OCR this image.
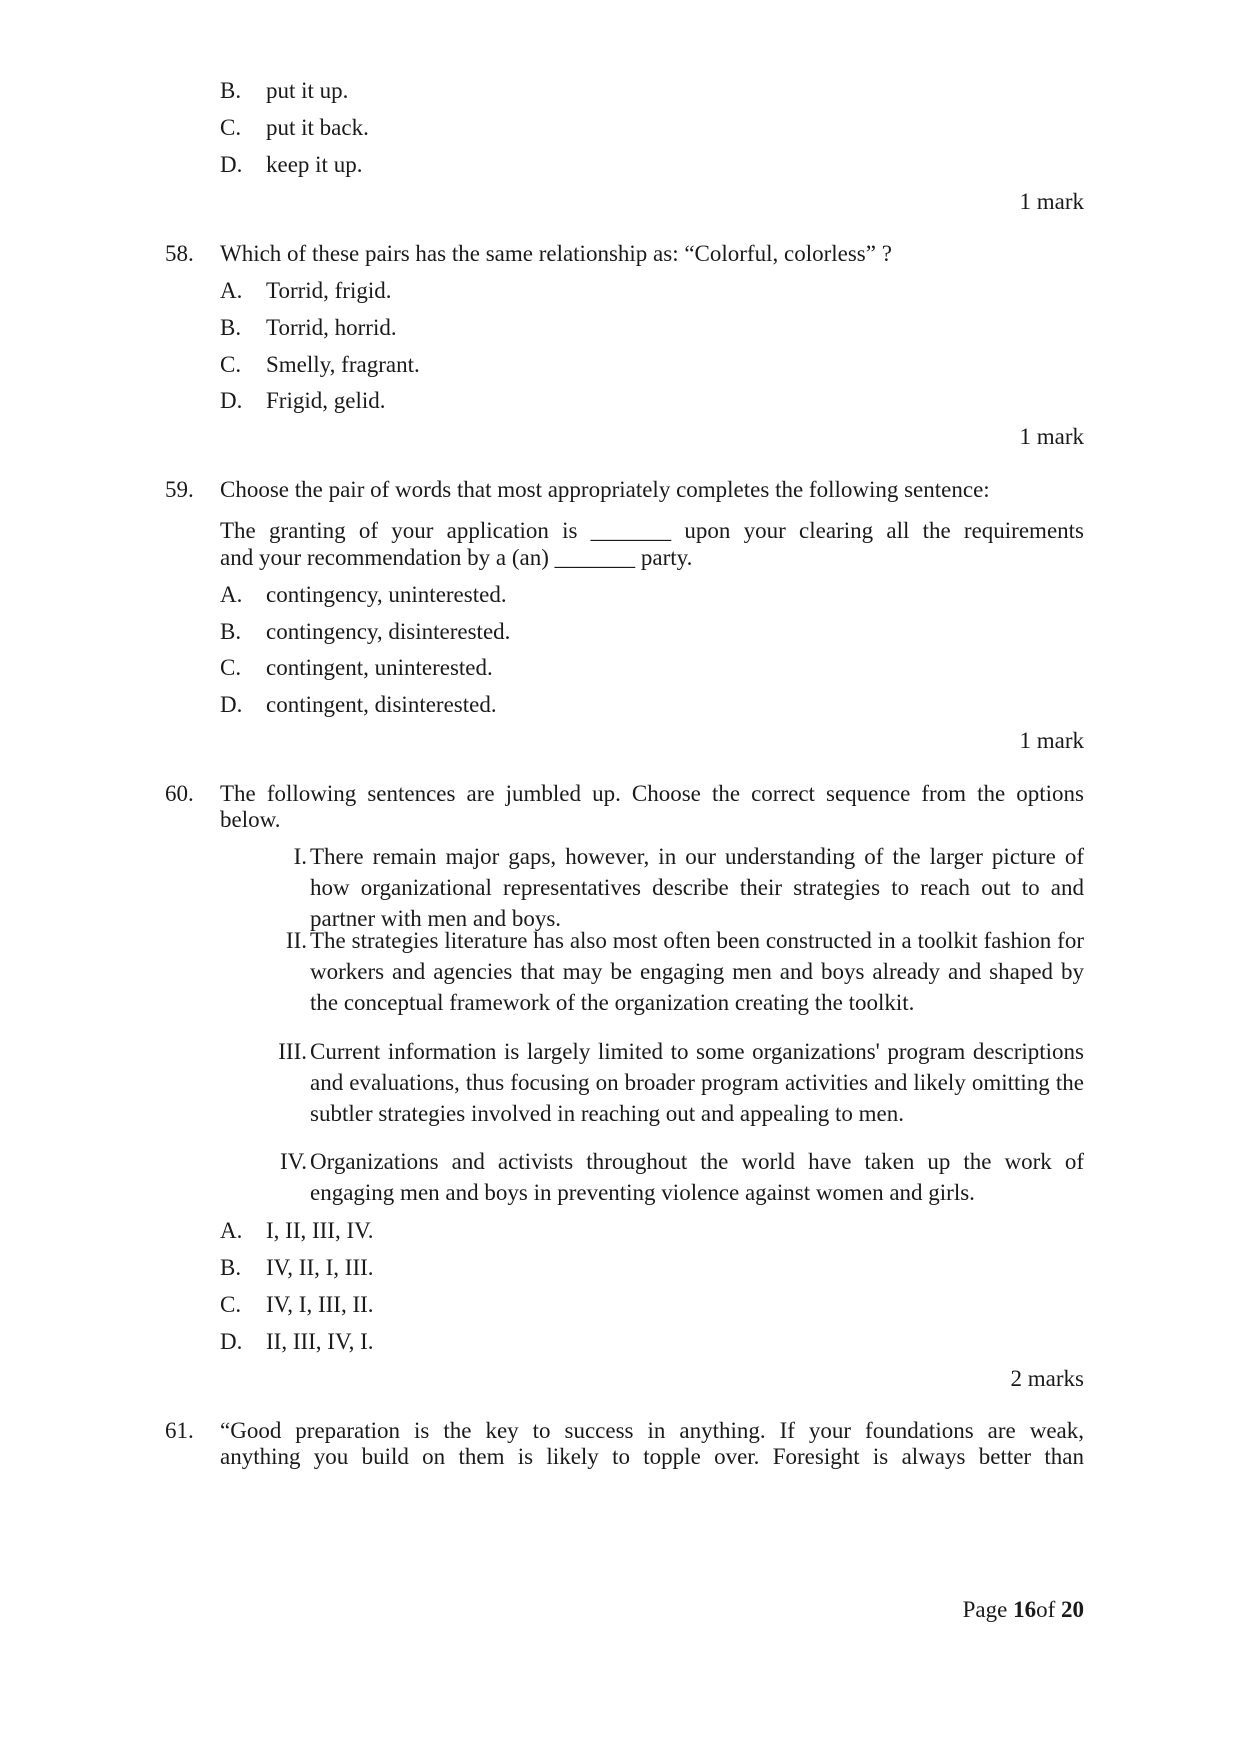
B. put it up.
C. put it back.
D. keep it up.
1 mark
58. Which of these pairs has the same relationship as: “Colorful, colorless” ?
A. Torrid, frigid.
B. Torrid, horrid.
C. Smelly, fragrant.
D. Frigid, gelid.
1 mark
59. Choose the pair of words that most appropriately completes the following sentence:
The granting of your application is _______ upon your clearing all the requirements
and your recommendation by a (an) _______ party.
A. contingency, uninterested.
B. contingency, disinterested.
C. contingent, uninterested.
D. contingent, disinterested.
1 mark
60. The following sentences are jumbled up. Choose the correct sequence from the options
below.
I. There remain major gaps, however, in our understanding of the larger picture of how organizational representatives describe their strategies to reach out to and partner with men and boys.
II. The strategies literature has also most often been constructed in a toolkit fashion for workers and agencies that may be engaging men and boys already and shaped by the conceptual framework of the organization creating the toolkit.
III. Current information is largely limited to some organizations' program descriptions and evaluations, thus focusing on broader program activities and likely omitting the subtler strategies involved in reaching out and appealing to men.
IV. Organizations and activists throughout the world have taken up the work of engaging men and boys in preventing violence against women and girls.
A. I, II, III, IV.
B. IV, II, I, III.
C. IV, I, III, II.
D. II, III, IV, I.
2 marks
61. “Good preparation is the key to success in anything. If your foundations are weak,
anything you build on them is likely to topple over. Foresight is always better than
Page 16of 20
